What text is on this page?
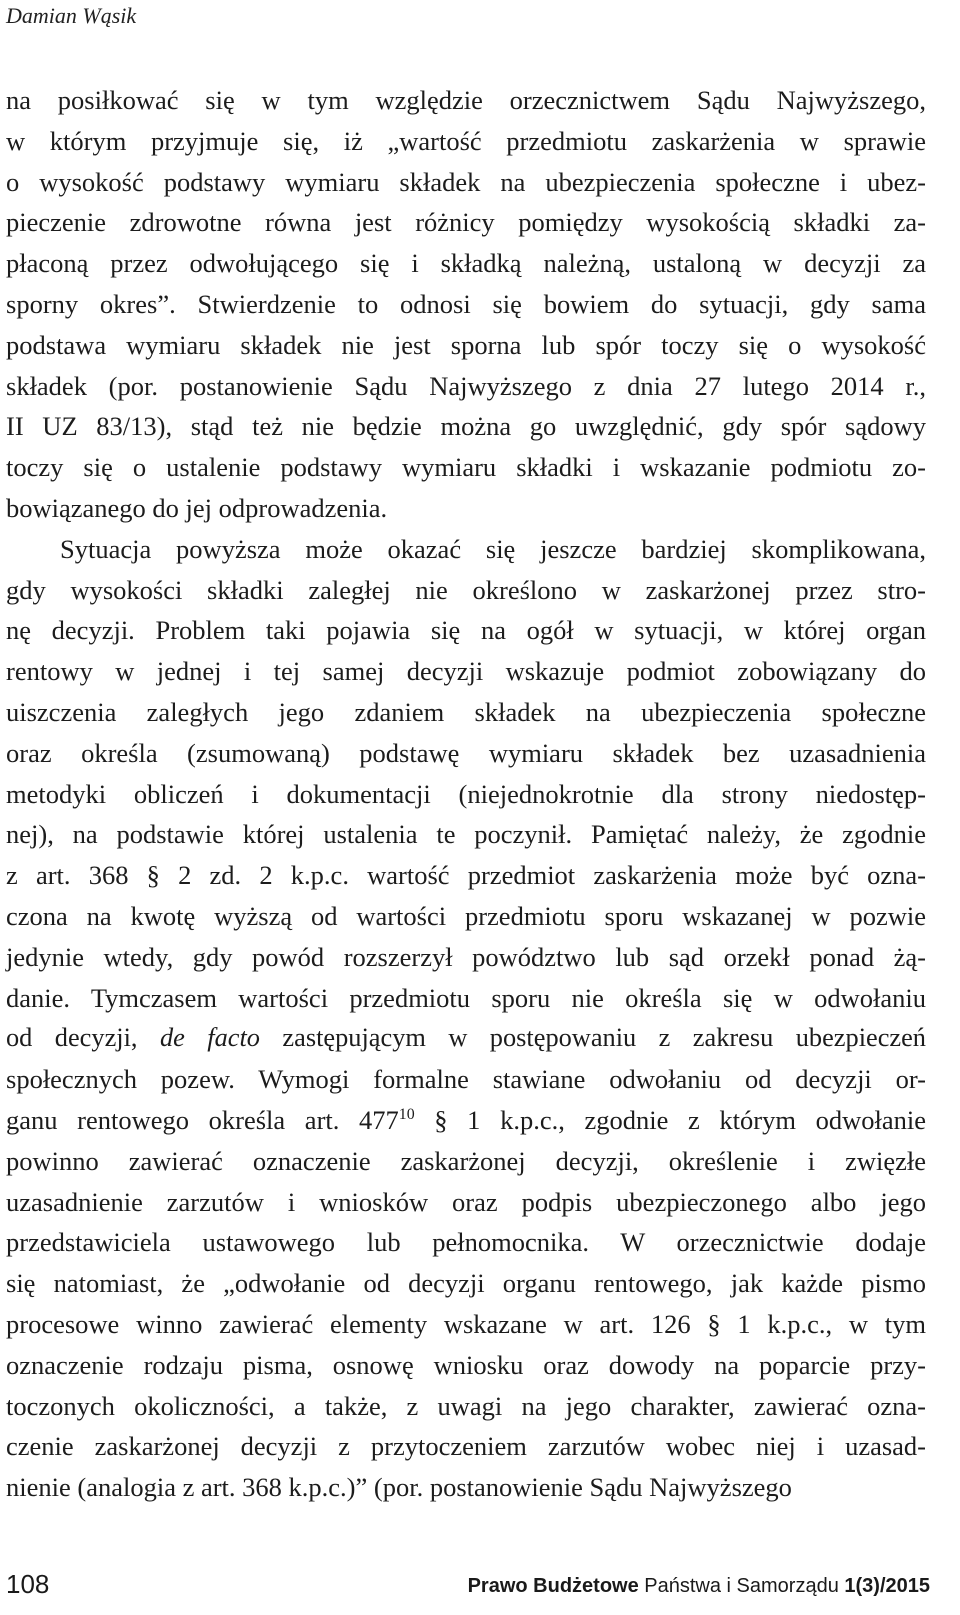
Damian Wąsik
na posiłkować się w tym względzie orzecznictwem Sądu Najwyższego,
w którym przyjmuje się, iż „wartość przedmiotu zaskarżenia w sprawie
o wysokość podstawy wymiaru składek na ubezpieczenia społeczne i ubez-
pieczenie zdrowotne równa jest różnicy pomiędzy wysokością składki za-
płaconą przez odwołującego się i składką należną, ustaloną w decyzji za
sporny okres”. Stwierdzenie to odnosi się bowiem do sytuacji, gdy sama
podstawa wymiaru składek nie jest sporna lub spór toczy się o wysokość
składek (por. postanowienie Sądu Najwyższego z dnia 27 lutego 2014 r.,
II UZ 83/13), stąd też nie będzie można go uwzględnić, gdy spór sądowy
toczy się o ustalenie podstawy wymiaru składki i wskazanie podmiotu zo-
bowiązanego do jej odprowadzenia.
Sytuacja powyższa może okazać się jeszcze bardziej skomplikowana,
gdy wysokości składki zaległej nie określono w zaskarżonej przez stro-
nę decyzji. Problem taki pojawia się na ogół w sytuacji, w której organ
rentowy w jednej i tej samej decyzji wskazuje podmiot zobowiązany do
uiszczenia zaległych jego zdaniem składek na ubezpieczenia społeczne
oraz określa (zsumowaną) podstawę wymiaru składek bez uzasadnienia
metodyki obliczeń i dokumentacji (niejednokrotnie dla strony niedostęp-
nej), na podstawie której ustalenia te poczynił. Pamiętać należy, że zgodnie
z art. 368 § 2 zd. 2 k.p.c. wartość przedmiot zaskarżenia może być ozna-
czona na kwotę wyższą od wartości przedmiotu sporu wskazanej w pozwie
jedynie wtedy, gdy powód rozszerzył powództwo lub sąd orzekł ponad żą-
danie. Tymczasem wartości przedmiotu sporu nie określa się w odwołaniu
od decyzji, de facto zastępującym w postępowaniu z zakresu ubezpieczeń
społecznych pozew. Wymogi formalne stawiane odwołaniu od decyzji or-
ganu rentowego określa art. $477^{10}$ § 1 k.p.c., zgodnie z którym odwołanie
powinno zawierać oznaczenie zaskarżonej decyzji, określenie i zwięzłe
uzasadnienie zarzutów i wniosków oraz podpis ubezpieczonego albo jego
przedstawiciela ustawowego lub pełnomocnika. W orzecznictwie dodaje
się natomiast, że „odwołanie od decyzji organu rentowego, jak każde pismo
procesowe winno zawierać elementy wskazane w art. 126 § 1 k.p.c., w tym
oznaczenie rodzaju pisma, osnowę wniosku oraz dowody na poparcie przy-
toczonych okoliczności, a także, z uwagi na jego charakter, zawierać ozna-
czenie zaskarżonej decyzji z przytoczeniem zarzutów wobec niej i uzasad-
nienie (analogia z art. 368 k.p.c.)” (por. postanowienie Sądu Najwyższego
108	Prawo Budżetowe Państwa i Samorządu 1(3)/2015
